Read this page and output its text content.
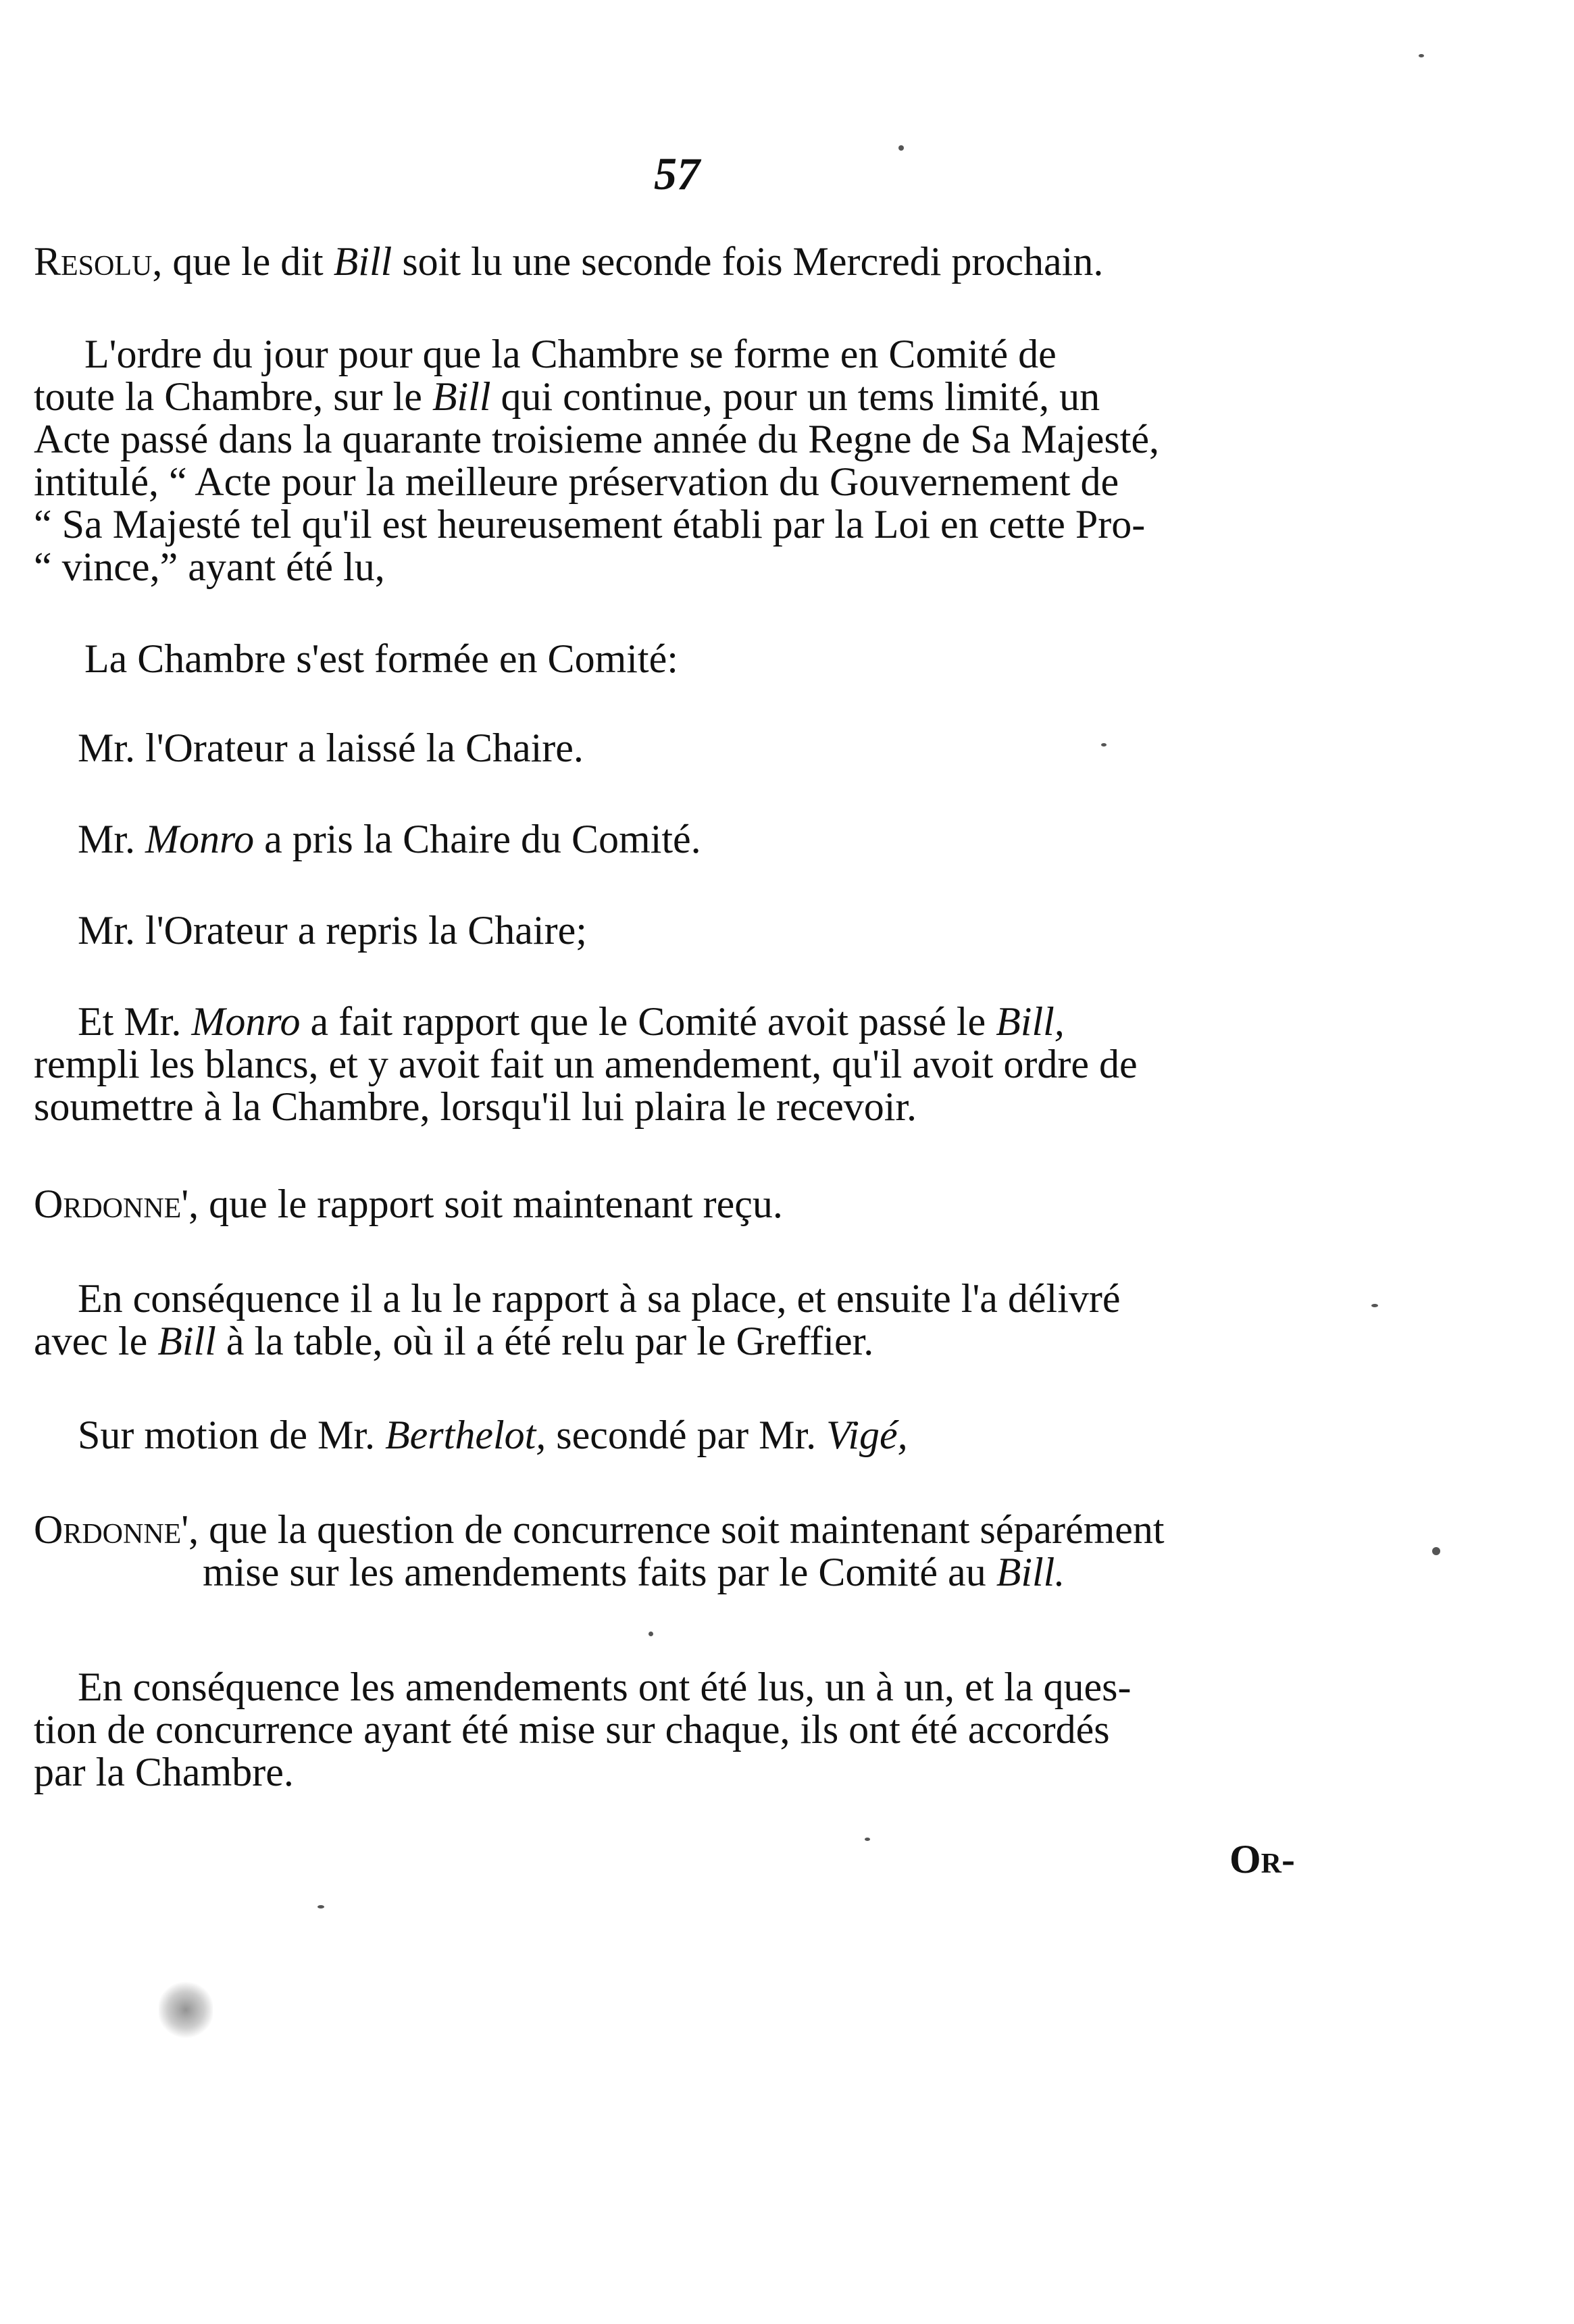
57
Resolu, que le dit Bill soit lu une seconde fois Mercredi prochain.
L'ordre du jour pour que la Chambre se forme en Comité de
toute la Chambre, sur le Bill qui continue, pour un tems limité, un
Acte passé dans la quarante troisieme année du Regne de Sa Majesté,
intitulé, “ Acte pour la meilleure préservation du Gouvernement de
“ Sa Majesté tel qu'il est heureusement établi par la Loi en cette Pro-
“ vince,” ayant été lu,
La Chambre s'est formée en Comité:
Mr. l'Orateur a laissé la Chaire.
Mr. Monro a pris la Chaire du Comité.
Mr. l'Orateur a repris la Chaire;
Et Mr. Monro a fait rapport que le Comité avoit passé le Bill,
rempli les blancs, et y avoit fait un amendement, qu'il avoit ordre de
soumettre à la Chambre, lorsqu'il lui plaira le recevoir.
Ordonne', que le rapport soit maintenant reçu.
En conséquence il a lu le rapport à sa place, et ensuite l'a délivré
avec le Bill à la table, où il a été relu par le Greffier.
Sur motion de Mr. Berthelot, secondé par Mr. Vigé,
Ordonne', que la question de concurrence soit maintenant séparément
mise sur les amendements faits par le Comité au Bill.
En conséquence les amendements ont été lus, un à un, et la ques-
tion de concurrence ayant été mise sur chaque, ils ont été accordés
par la Chambre.
Or-
